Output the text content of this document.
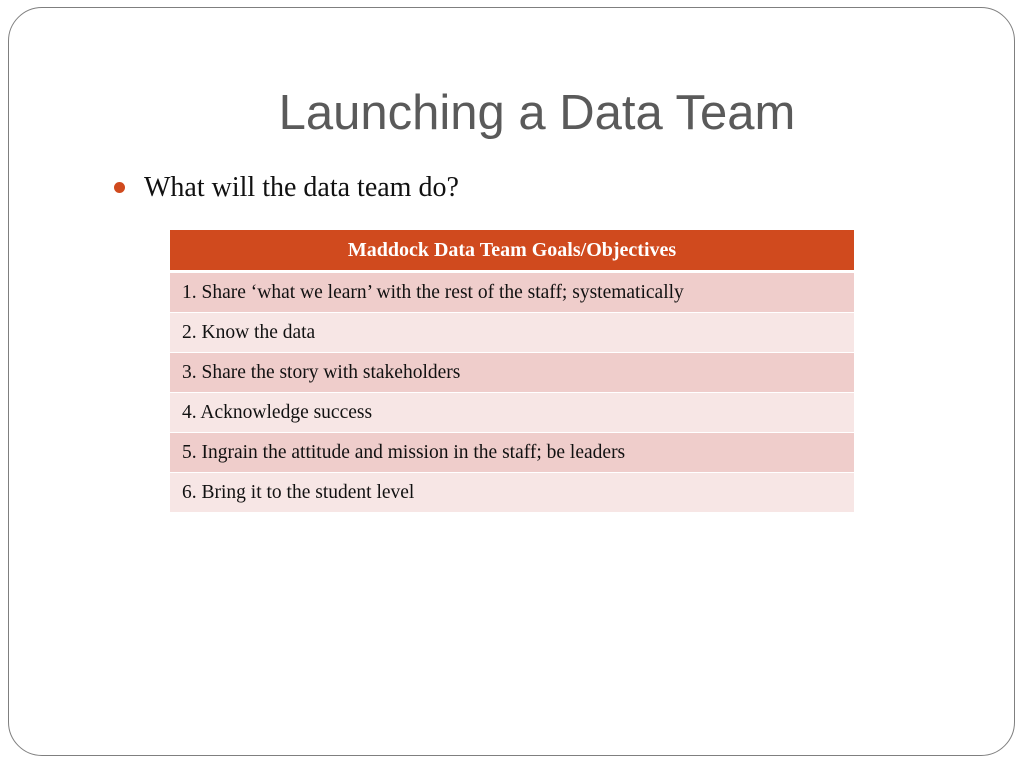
Launching a Data Team
What will the data team do?
Maddock Data Team Goals/Objectives
1. Share ‘what we learn’ with the rest of the staff; systematically
2. Know the data
3. Share the story with stakeholders
4. Acknowledge success
5. Ingrain the attitude and mission in the staff; be leaders
6. Bring it to the student level
